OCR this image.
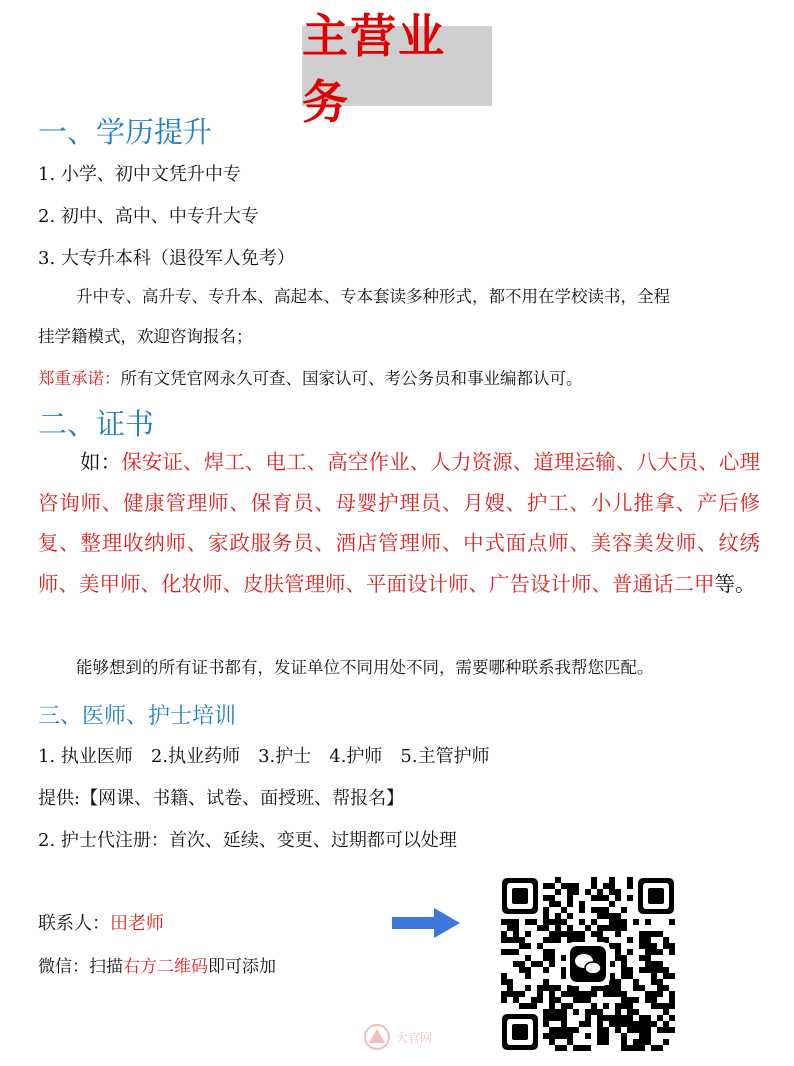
主营业务
一、学历提升
1. 小学、初中文凭升中专
2. 初中、高中、中专升大专
3. 大专升本科（退役军人免考）
升中专、高升专、专升本、高起本、专本套读多种形式，都不用在学校读书，全程
挂学籍模式，欢迎咨询报名；
郑重承诺：所有文凭官网永久可查、国家认可、考公务员和事业编都认可。
二、证书
如：保安证、焊工、电工、高空作业、人力资源、道理运输、八大员、心理咨询师、健康管理师、保育员、母婴护理员、月嫂、护工、小儿推拿、产后修复、整理收纳师、家政服务员、酒店管理师、中式面点师、美容美发师、纹绣师、美甲师、化妆师、皮肤管理师、平面设计师、广告设计师、普通话二甲等。
能够想到的所有证书都有，发证单位不同用处不同，需要哪种联系我帮您匹配。
三、医师、护士培训
1. 执业医师　2.执业药师　3.护士　4.护师　5.主管护师
提供:【网课、书籍、试卷、面授班、帮报名】
2. 护士代注册：首次、延续、变更、过期都可以处理
联系人：田老师
微信：扫描右方二维码即可添加
大官网
